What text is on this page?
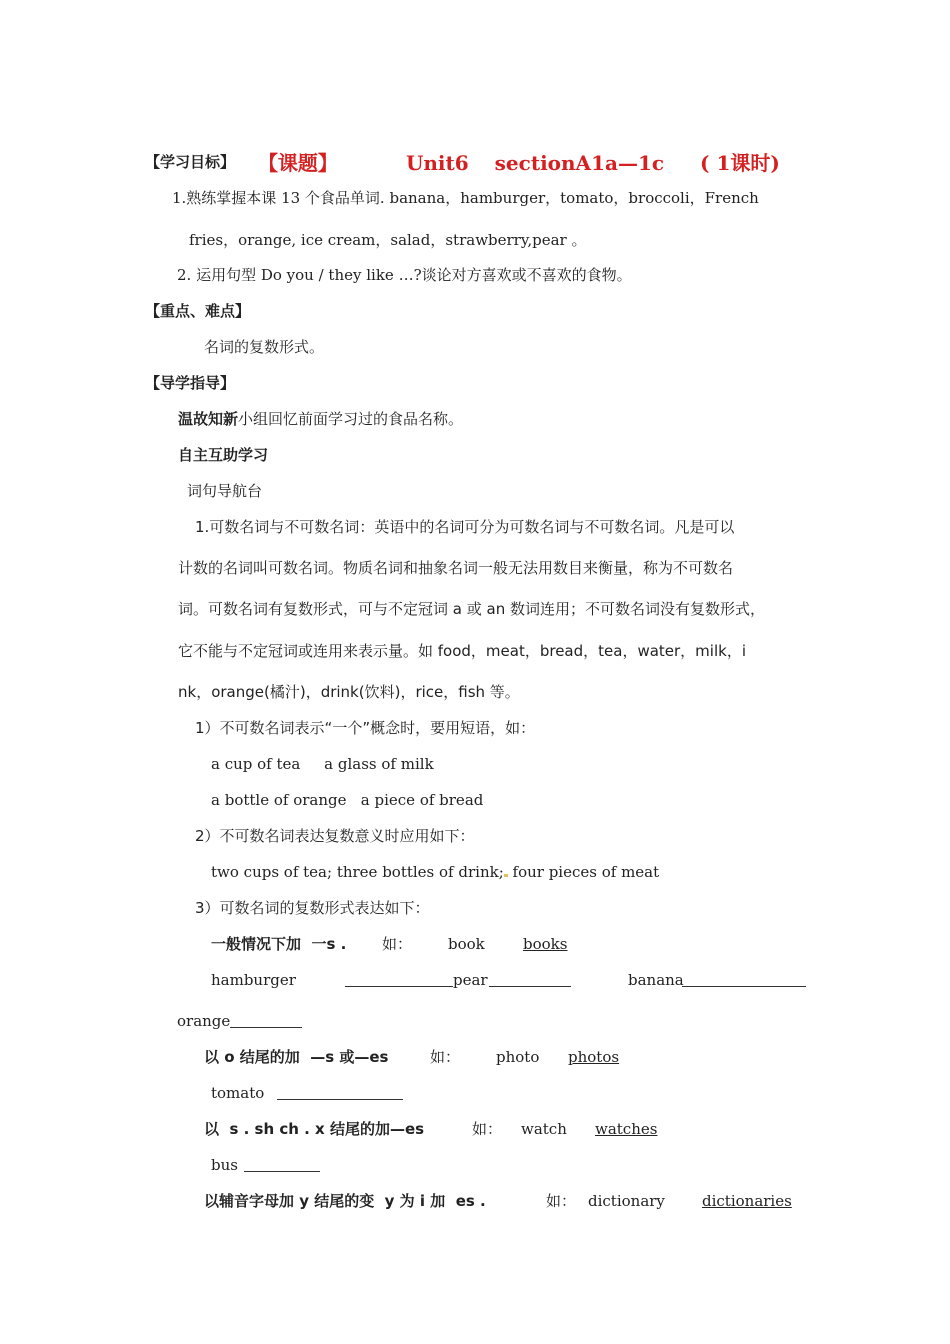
【课题】	Unit6 sectionA1a—1c ( 1课时)

【学习目标】
1.熟练掌握本课 13 个食品单词. banana，hamburger，tomato，broccoli，French
fries，orange, ice cream，salad，strawberry,pear 。
2. 运用句型 Do you / they like …?谈论对方喜欢或不喜欢的食物。
【重点、难点】
名词的复数形式。
【导学指导】
温故知新小组回忆前面学习过的食品名称。
自主互助学习
词句导航台
1.可数名词与不可数名词：英语中的名词可分为可数名词与不可数名词。凡是可以
计数的名词叫可数名词。物质名词和抽象名词一般无法用数目来衡量，称为不可数名
词。可数名词有复数形式，可与不定冠词 a 或 an 数词连用；不可数名词没有复数形式，
它不能与不定冠词或连用来表示量。如 food，meat，bread，tea，water，milk，i
nk，orange(橘汁)，drink(饮料)，rice，fish 等。
1）不可数名词表示“一个”概念时，要用短语，如：
a cup of tea     a glass of milk
a bottle of orange   a piece of bread
2）不可数名词表达复数意义时应用如下：
two cups of tea; three bottles of drink; four pieces of meat
3）可数名词的复数形式表达如下：
一般情况下加  一s . 如： book	books
hamburger	pear	banana
orange
以 o 结尾的加  —s 或—es	如： photo photos
tomato
以  s . sh ch . x 结尾的加—es	如： watch watches
bus
以辅音字母加 y 结尾的变  y 为 i 加  es .	如： dictionary dictionaries
